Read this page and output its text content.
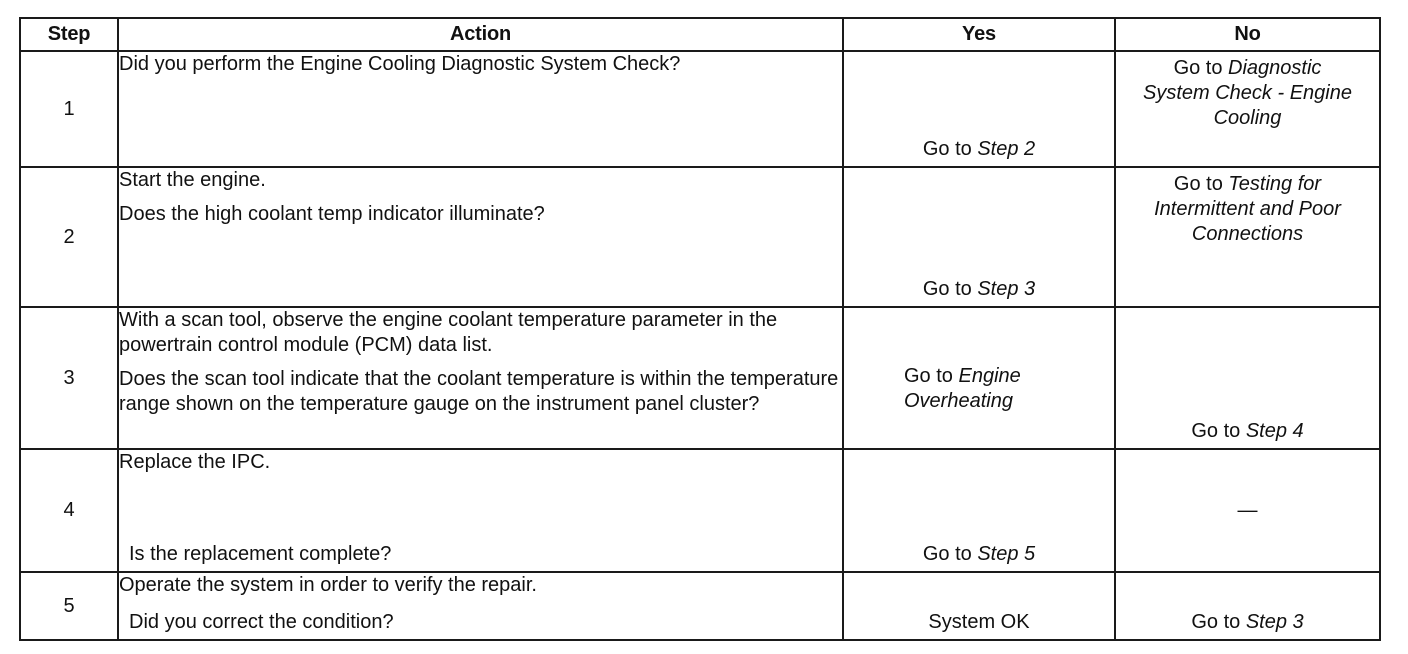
Step	Action	Yes	No
1	Did you perform the Engine Cooling Diagnostic System Check?	Go to Step 2	Go to Diagnostic
System Check - Engine Cooling

2	Start the engine.
Does the high coolant temp indicator illuminate?	Go to Step 3	Go to Testing for
Intermittent and Poor Connections

3	With a scan tool, observe the engine coolant temperature parameter in the powertrain control module (PCM) data list.
Does the scan tool indicate that the coolant temperature is within the temperature range shown on the temperature gauge on the instrument panel cluster?	Go to Engine
Overheating	Go to Step 4

4	Replace the IPC.
Is the replacement complete?	Go to Step 5	—

5	Operate the system in order to verify the repair.
Did you correct the condition?	System OK	Go to Step 3
